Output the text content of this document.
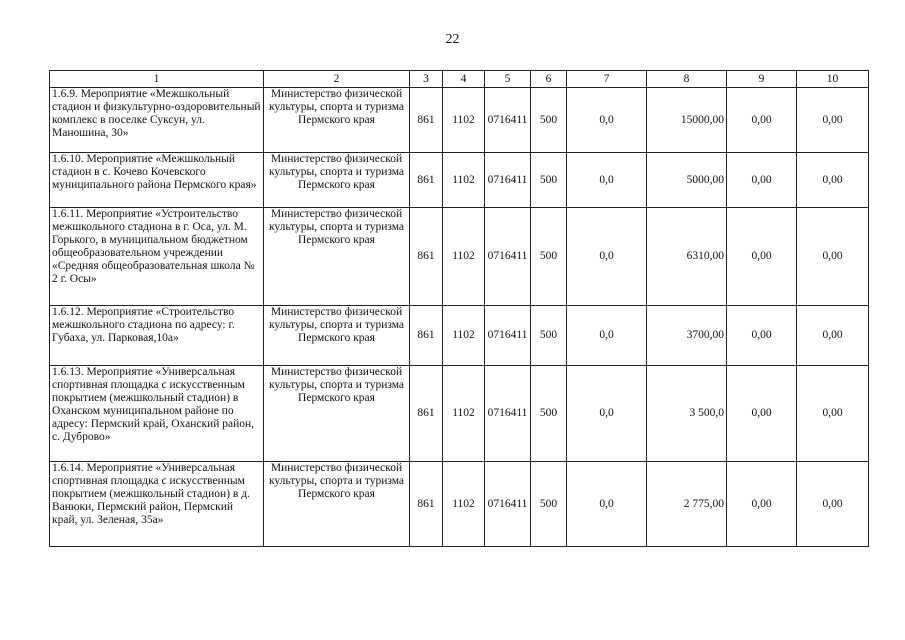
22
1	2	3	4	5	6	7	8	9	10
1.6.9. Мероприятие «Межшкольный стадион и физкультурно-оздоровительный комплекс в поселке Суксун, ул. Маношина, 30»	Министерство физической культуры, спорта и туризма Пермского края	861	1102	0716411	500	0,0	15000,00	0,00	0,00
1.6.10. Мероприятие «Межшкольный стадион в с. Кочево Кочевского муниципального района Пермского края»	Министерство физической культуры, спорта и туризма Пермского края	861	1102	0716411	500	0,0	5000,00	0,00	0,00
1.6.11. Мероприятие «Устроительство межшкольного стадиона в г. Оса, ул. М. Горького, в муниципальном бюджетном общеобразовательном учреждении «Средняя общеобразовательная школа № 2 г. Осы»	Министерство физической культуры, спорта и туризма Пермского края	861	1102	0716411	500	0,0	6310,00	0,00	0,00
1.6.12. Мероприятие «Строительство межшкольного стадиона по адресу: г. Губаха, ул. Парковая,10а»	Министерство физической культуры, спорта и туризма Пермского края	861	1102	0716411	500	0,0	3700,00	0,00	0,00
1.6.13. Мероприятие «Универсальная спортивная площадка с искусственным покрытием (межшкольный стадион) в Оханском муниципальном районе по адресу: Пермский край, Оханский район, с. Дуброво»	Министерство физической культуры, спорта и туризма Пермского края	861	1102	0716411	500	0,0	3 500,0	0,00	0,00
1.6.14. Мероприятие «Универсальная спортивная площадка с искусственным покрытием (межшкольный стадион) в д. Ванюки, Пермский район, Пермский край, ул. Зеленая, 35а»	Министерство физической культуры, спорта и туризма Пермского края	861	1102	0716411	500	0,0	2 775,00	0,00	0,00
